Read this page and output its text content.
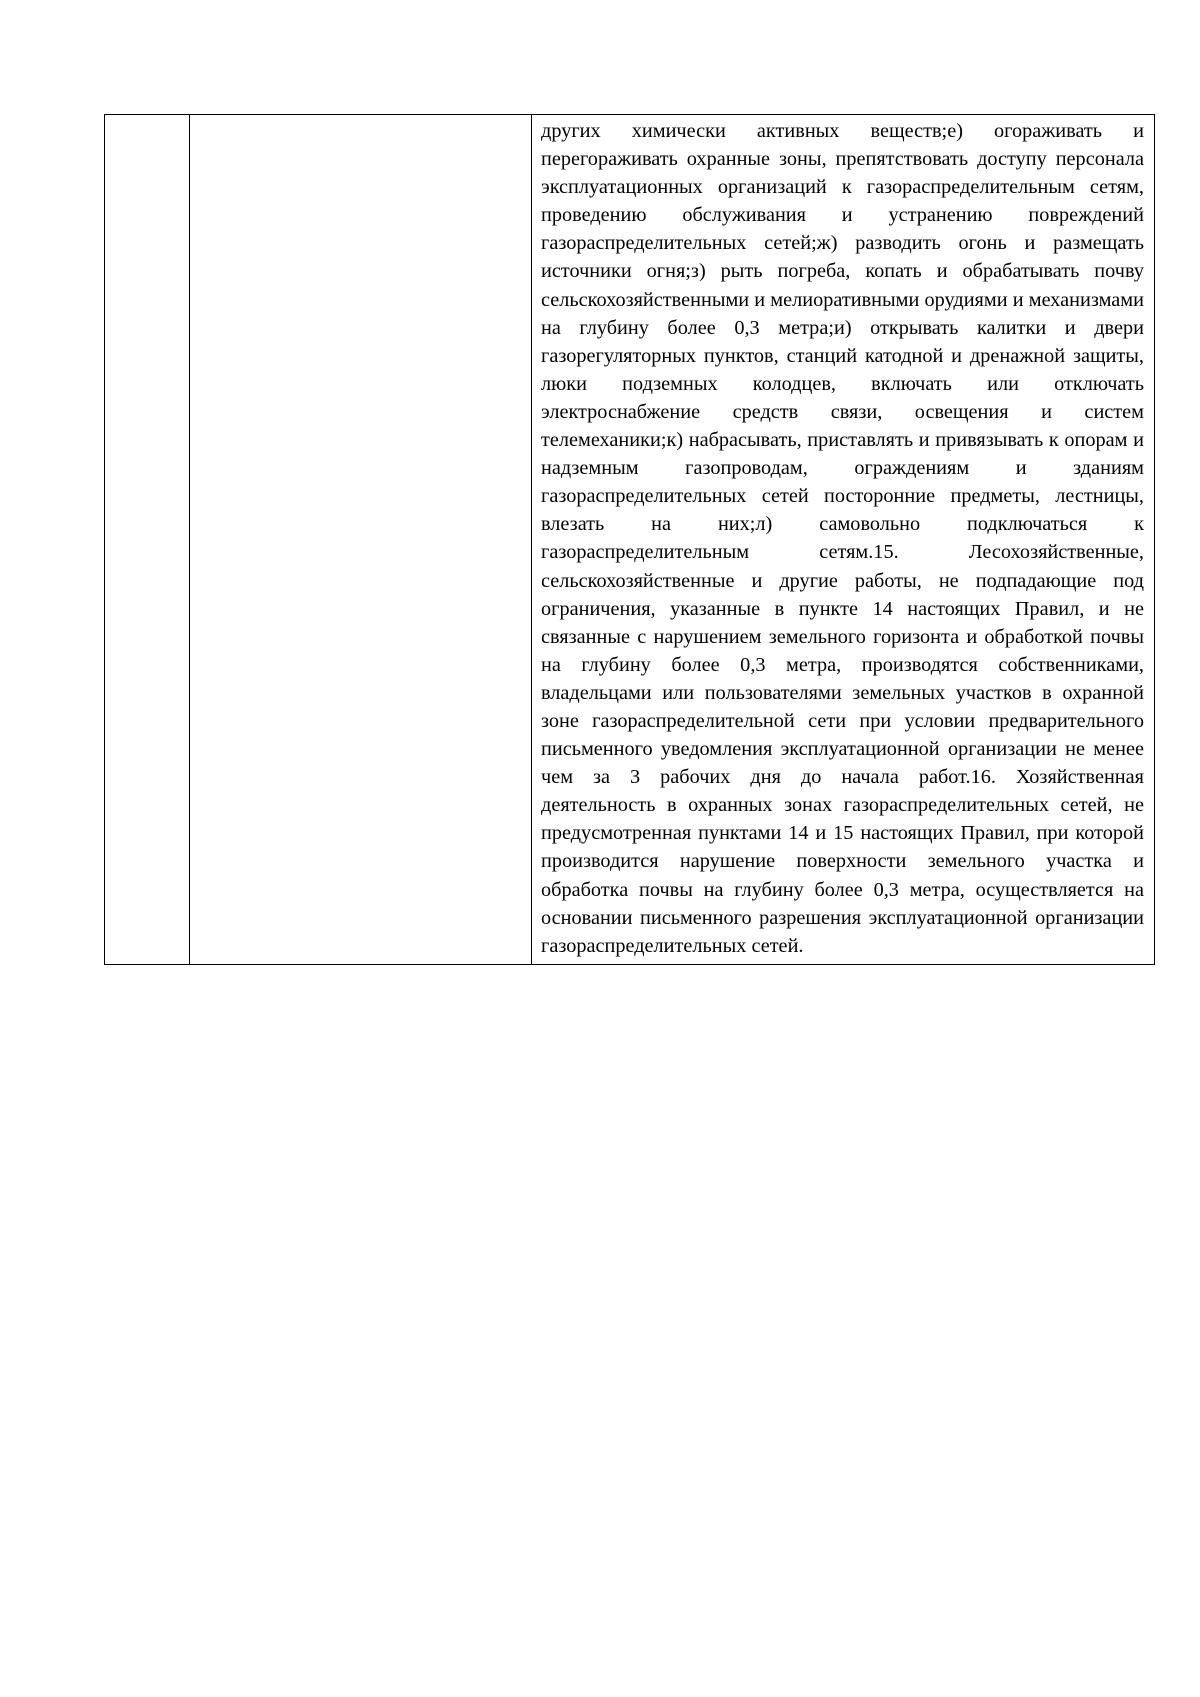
других химически активных веществ;е) огораживать и перегораживать охранные зоны, препятствовать доступу персонала эксплуатационных организаций к газораспределительным сетям, проведению обслуживания и устранению повреждений газораспределительных сетей;ж) разводить огонь и размещать источники огня;з) рыть погреба, копать и обрабатывать почву сельскохозяйственными и мелиоративными орудиями и механизмами на глубину более 0,3 метра;и) открывать калитки и двери газорегуляторных пунктов, станций катодной и дренажной защиты, люки подземных колодцев, включать или отключать электроснабжение средств связи, освещения и систем телемеханики;к) набрасывать, приставлять и привязывать к опорам и надземным газопроводам, ограждениям и зданиям газораспределительных сетей посторонние предметы, лестницы, влезать на них;л) самовольно подключаться к газораспределительным сетям.15. Лесохозяйственные, сельскохозяйственные и другие работы, не подпадающие под ограничения, указанные в пункте 14 настоящих Правил, и не связанные с нарушением земельного горизонта и обработкой почвы на глубину более 0,3 метра, производятся собственниками, владельцами или пользователями земельных участков в охранной зоне газораспределительной сети при условии предварительного письменного уведомления эксплуатационной организации не менее чем за 3 рабочих дня до начала работ.16. Хозяйственная деятельность в охранных зонах газораспределительных сетей, не предусмотренная пунктами 14 и 15 настоящих Правил, при которой производится нарушение поверхности земельного участка и обработка почвы на глубину более 0,3 метра, осуществляется на основании письменного разрешения эксплуатационной организации газораспределительных сетей.
